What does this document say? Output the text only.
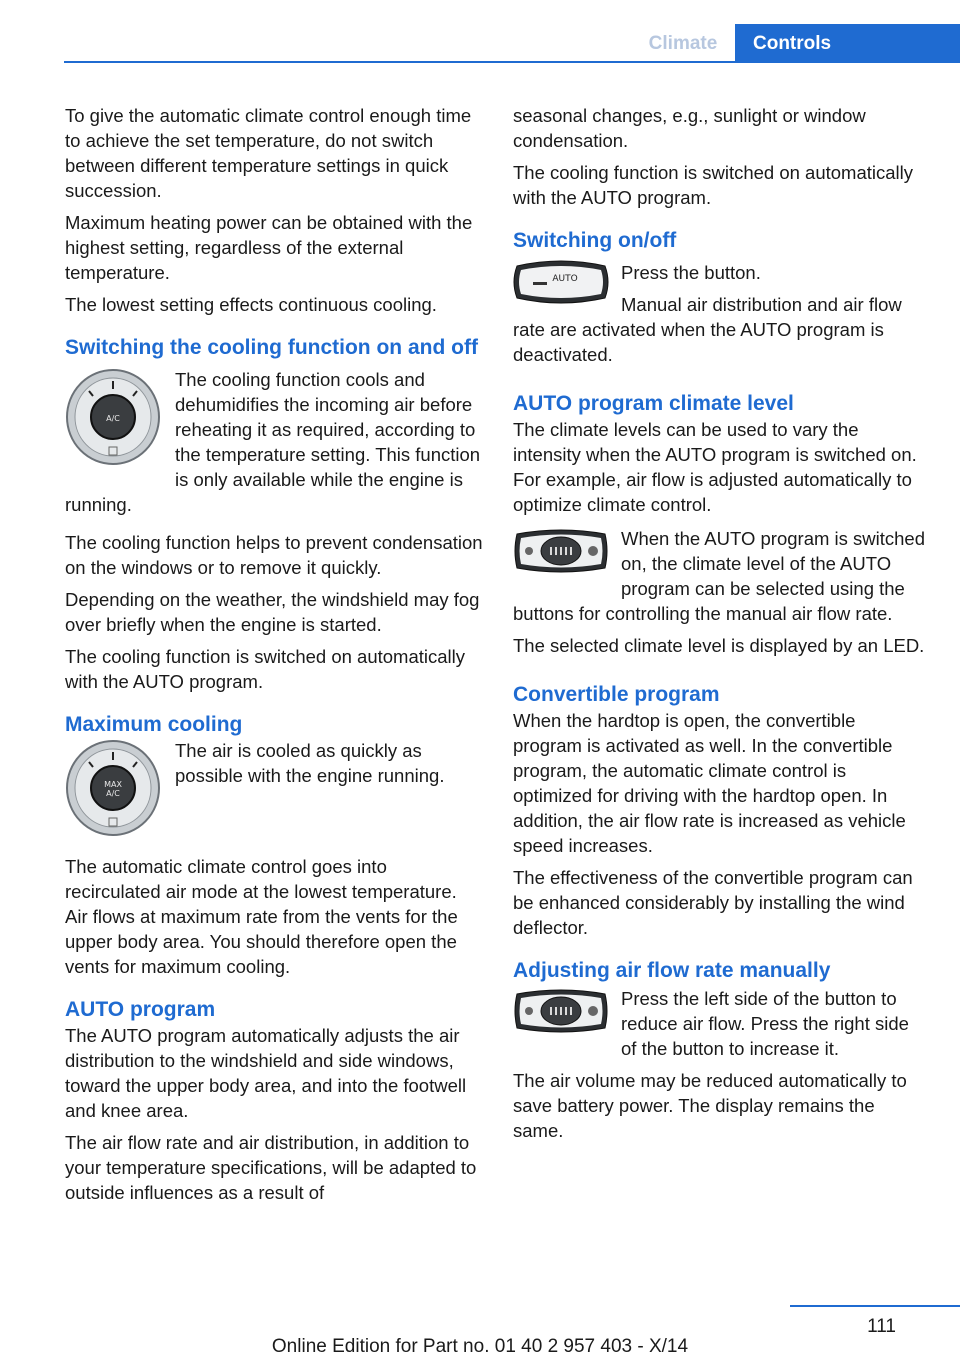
Climate	Controls

To give the automatic climate control enough time to achieve the set temperature, do not switch between different temperature settings in quick succession.

Maximum heating power can be obtained with the highest setting, regardless of the external temperature.

The lowest setting effects continuous cooling.

Switching the cooling function on and off
A/C

The cooling function cools and dehumidifies the incoming air before reheating it as required, according to the temperature setting. This function is only available while the engine is running.

The cooling function helps to prevent condensation on the windows or to remove it quickly.

Depending on the weather, the windshield may fog over briefly when the engine is started.

The cooling function is switched on automatically with the AUTO program.

Maximum cooling
MAX
A/C

The air is cooled as quickly as possible with the engine running.

The automatic climate control goes into recirculated air mode at the lowest temperature. Air flows at maximum rate from the vents for the upper body area. You should therefore open the vents for maximum cooling.

AUTO program

The AUTO program automatically adjusts the air distribution to the windshield and side windows, toward the upper body area, and into the footwell and knee area.

The air flow rate and air distribution, in addition to your temperature specifications, will be adapted to outside influences as a result of

seasonal changes, e.g., sunlight or window condensation.

The cooling function is switched on automatically with the AUTO program.

Switching on/off
AUTO	Press the button.

Manual air distribution and air flow rate are activated when the AUTO program is deactivated.

AUTO program climate level

The climate levels can be used to vary the intensity when the AUTO program is switched on. For example, air flow is adjusted automatically to optimize climate control.

When the AUTO program is switched on, the climate level of the AUTO program can be selected using the buttons for controlling the manual air flow rate.

The selected climate level is displayed by an LED.

Convertible program

When the hardtop is open, the convertible program is activated as well. In the convertible program, the automatic climate control is optimized for driving with the hardtop open. In addition, the air flow rate is increased as vehicle speed increases.

The effectiveness of the convertible program can be enhanced considerably by installing the wind deflector.

Adjusting air flow rate manually

Press the left side of the button to reduce air flow. Press the right side of the button to increase it.

The air volume may be reduced automatically to save battery power. The display remains the same.

111
Online Edition for Part no. 01 40 2 957 403 - X/14
